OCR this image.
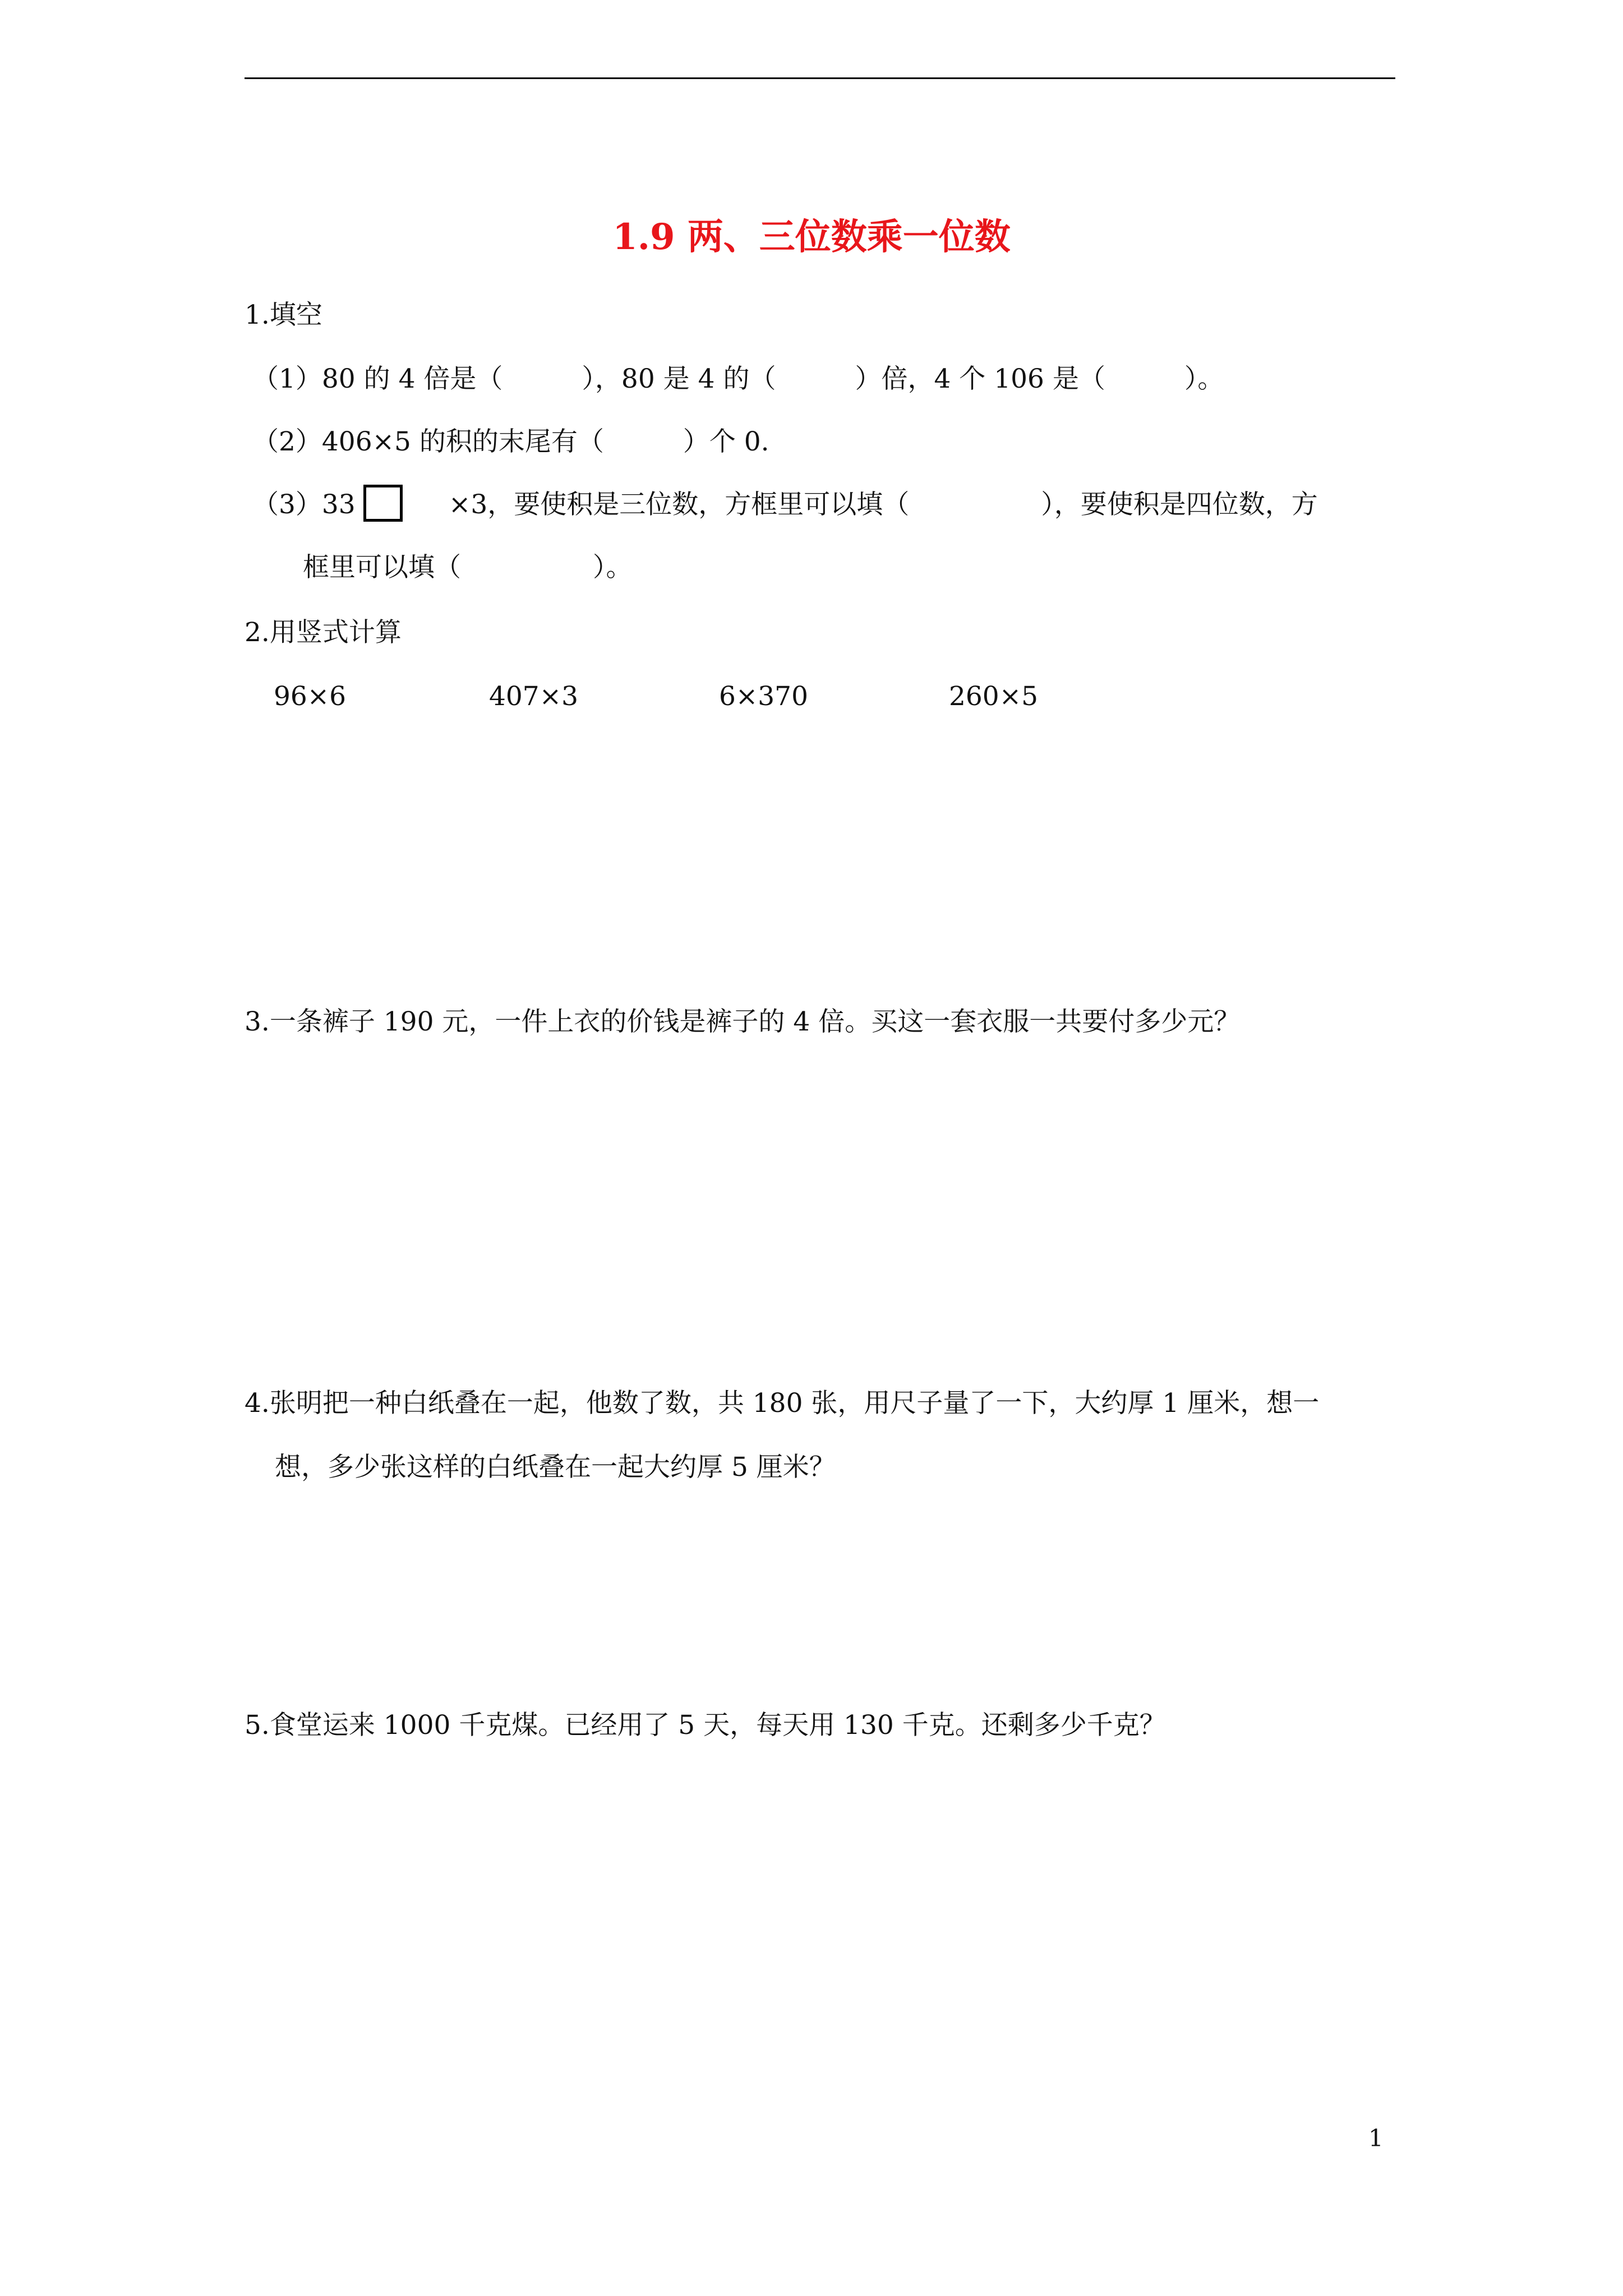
1.9 两、三位数乘一位数
1.填空
（1）80 的 4 倍是（　　　），80 是 4 的（　　　）倍，4 个 106 是（　　　）。
（2）406×5 的积的末尾有（　　　）个 0.
（3）33	×3，要使积是三位数，方框里可以填（　　　　　），要使积是四位数，方
框里可以填（　　　　　）。
2.用竖式计算
96×6	407×3	6×370	260×5
3.一条裤子 190 元，一件上衣的价钱是裤子的 4 倍。买这一套衣服一共要付多少元？
4.张明把一种白纸叠在一起，他数了数，共 180 张，用尺子量了一下，大约厚 1 厘米，想一
想，多少张这样的白纸叠在一起大约厚 5 厘米？
5.食堂运来 1000 千克煤。已经用了 5 天，每天用 130 千克。还剩多少千克？
1
